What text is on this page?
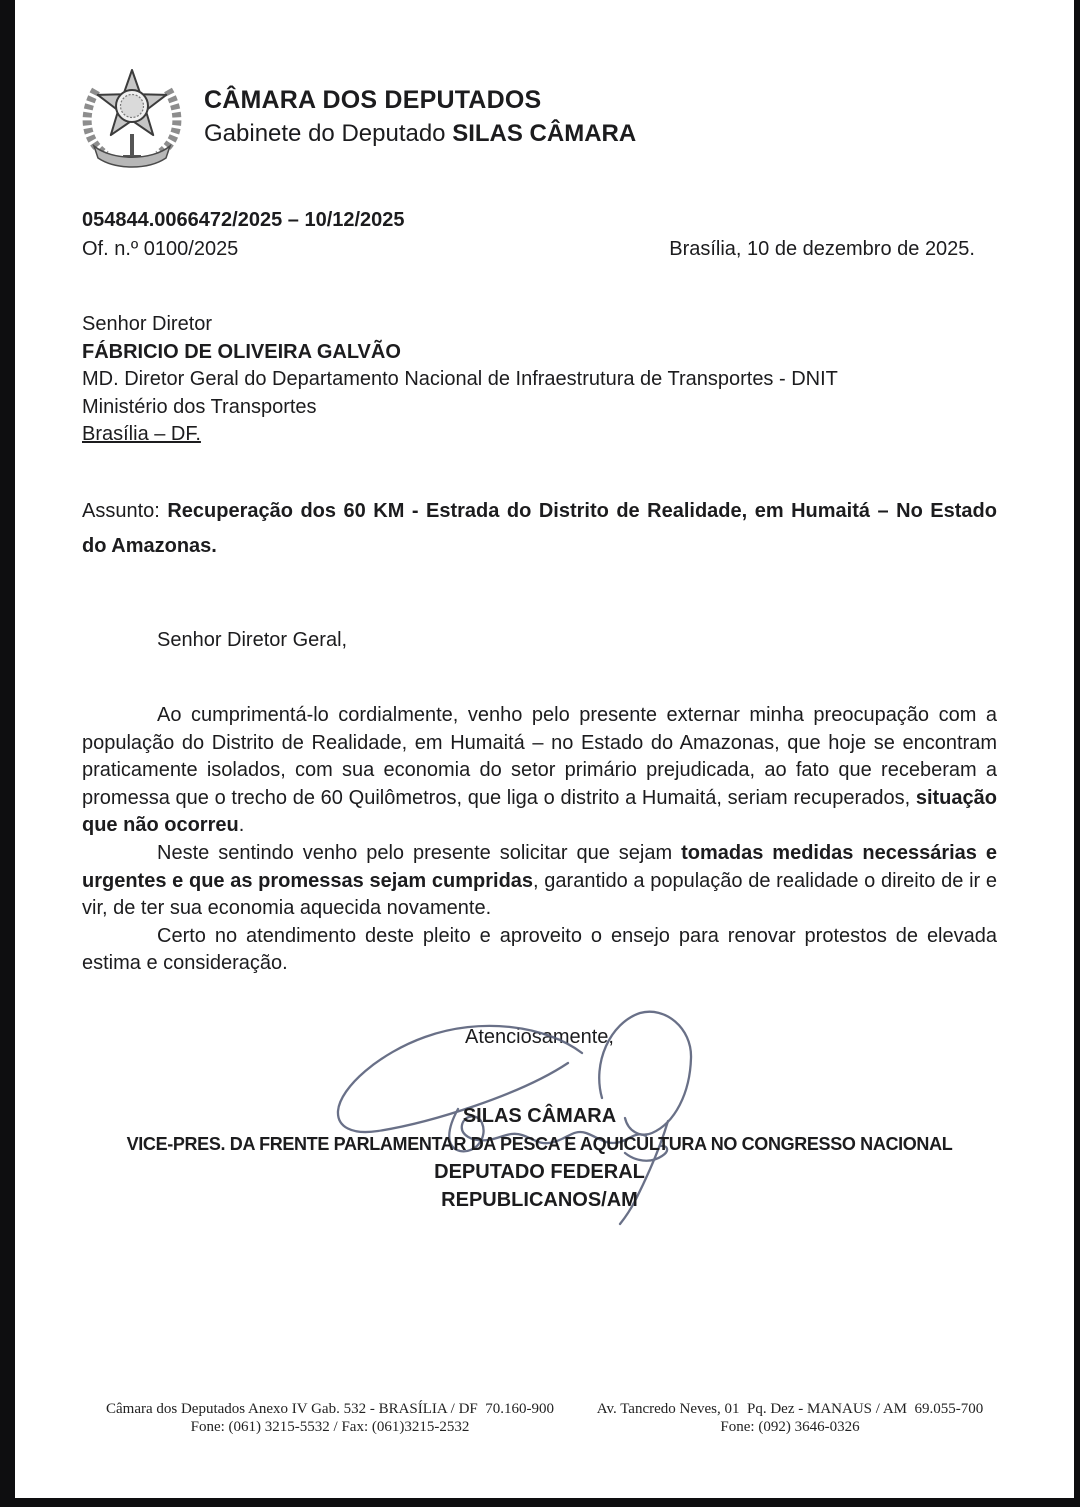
CÂMARA DOS DEPUTADOS
Gabinete do Deputado SILAS CÂMARA
054844.0066472/2025 – 10/12/2025
Of. n.º 0100/2025	Brasília, 10 de dezembro de 2025.
Senhor Diretor
FÁBRICIO DE OLIVEIRA GALVÃO
MD. Diretor Geral do Departamento Nacional de Infraestrutura de Transportes - DNIT
Ministério dos Transportes
Brasília – DF.
Assunto: Recuperação dos 60 KM - Estrada do Distrito de Realidade, em Humaitá – No Estado do Amazonas.
Senhor Diretor Geral,

Ao cumprimentá-lo cordialmente, venho pelo presente externar minha preocupação com a população do Distrito de Realidade, em Humaitá – no Estado do Amazonas, que hoje se encontram praticamente isolados, com sua economia do setor primário prejudicada, ao fato que receberam a promessa que o trecho de 60 Quilômetros, que liga o distrito a Humaitá, seriam recuperados, situação que não ocorreu.

Neste sentindo venho pelo presente solicitar que sejam tomadas medidas necessárias e urgentes e que as promessas sejam cumpridas, garantido a população de realidade o direito de ir e vir, de ter sua economia aquecida novamente.

Certo no atendimento deste pleito e aproveito o ensejo para renovar protestos de elevada estima e consideração.

Atenciosamente,
SILAS CÂMARA
VICE-PRES. DA FRENTE PARLAMENTAR DA PESCA E AQUICULTURA NO CONGRESSO NACIONAL
DEPUTADO FEDERAL
REPUBLICANOS/AM
Câmara dos Deputados Anexo IV Gab. 532 - BRASÍLIA / DF  70.160-900
Fone: (061) 3215-5532 / Fax: (061)3215-2532
Av. Tancredo Neves, 01  Pq. Dez - MANAUS / AM  69.055-700
Fone: (092) 3646-0326
